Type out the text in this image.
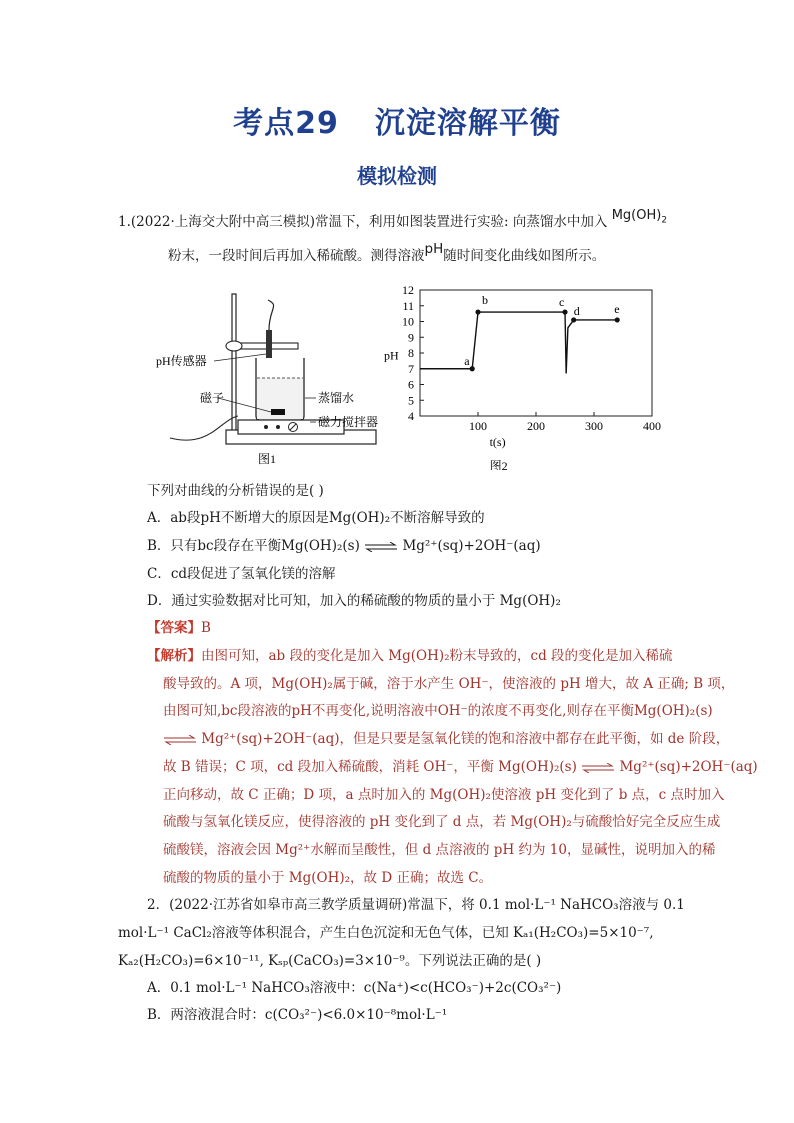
考点29 沉淀溶解平衡
模拟检测
1.(2022·上海交大附中高三模拟)常温下，利用如图装置进行实验: 向蒸馏水中加入 $Mg(OH)_2$
粉末，一段时间后再加入稀硫酸。测得溶液pH随时间变化曲线如图所示。
pH传感器
磁子	蒸馏水
磁力搅拌器
图1
4
5
6
7
8
9
10
11
12
100	200	300	400
a
b	c
d	e
pH
t(s)
图2
下列对曲线的分析错误的是( )
A．ab段pH不断增大的原因是Mg(OH)₂不断溶解导致的
B．只有bc段存在平衡Mg(OH)₂(s) ⇌ Mg²⁺(sq)+2OH⁻(aq)
C．cd段促进了氢氧化镁的溶解
D．通过实验数据对比可知，加入的稀硫酸的物质的量小于 Mg(OH)₂
【答案】B
【解析】由图可知，ab 段的变化是加入 Mg(OH)₂粉末导致的，cd 段的变化是加入稀硫
酸导致的。A 项，Mg(OH)₂属于碱，溶于水产生 OH⁻，使溶液的 pH 增大，故 A 正确; B 项，
由图可知,bc段溶液的pH不再变化,说明溶液中OH⁻的浓度不再变化,则存在平衡Mg(OH)₂(s)
⇌ Mg²⁺(sq)+2OH⁻(aq)，但是只要是氢氧化镁的饱和溶液中都存在此平衡，如 de 阶段，
故 B 错误；C 项，cd 段加入稀硫酸，消耗 OH⁻，平衡 Mg(OH)₂(s) ⇌ Mg²⁺(sq)+2OH⁻(aq)
正向移动，故 C 正确；D 项，a 点时加入的 Mg(OH)₂使溶液 pH 变化到了 b 点，c 点时加入
硫酸与氢氧化镁反应，使得溶液的 pH 变化到了 d 点，若 Mg(OH)₂与硫酸恰好完全反应生成
硫酸镁，溶液会因 Mg²⁺水解而呈酸性，但 d 点溶液的 pH 约为 10，显碱性，说明加入的稀
硫酸的物质的量小于 Mg(OH)₂，故 D 正确；故选 C。
2．(2022·江苏省如皋市高三教学质量调研)常温下，将 0.1 mol·L⁻¹ NaHCO₃溶液与 0.1
mol·L⁻¹ CaCl₂溶液等体积混合，产生白色沉淀和无色气体，已知 Kₐ₁(H₂CO₃)=5×10⁻⁷,
Kₐ₂(H₂CO₃)=6×10⁻¹¹, Kₛₚ(CaCO₃)=3×10⁻⁹。下列说法正确的是( )
A．0.1 mol·L⁻¹ NaHCO₃溶液中：c(Na⁺)<c(HCO₃⁻)+2c(CO₃²⁻)
B．两溶液混合时：c(CO₃²⁻)<6.0×10⁻⁸mol·L⁻¹
